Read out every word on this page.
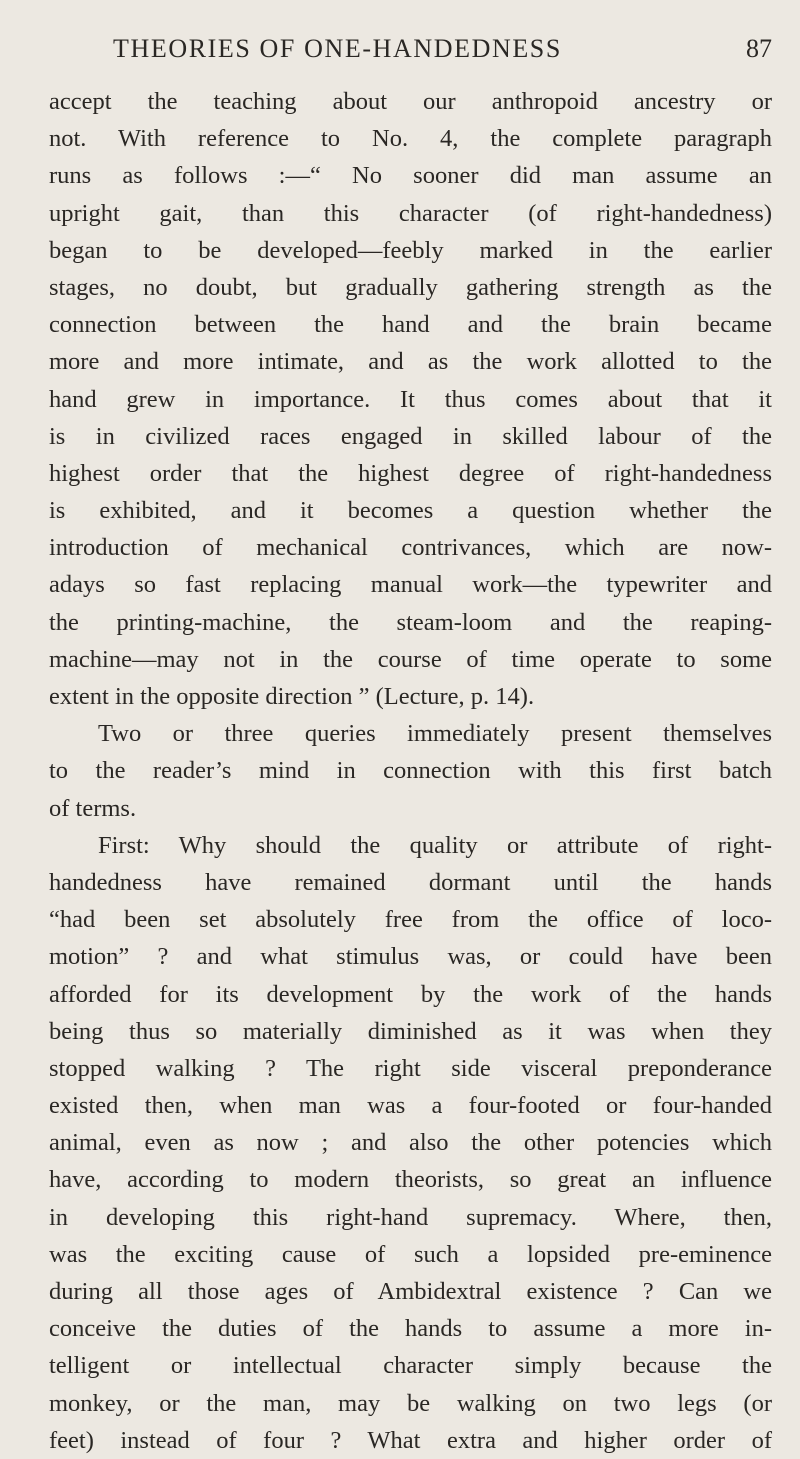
THEORIES OF ONE-HANDEDNESS	87
accept the teaching about our anthropoid ancestry or
not. With reference to No. 4, the complete paragraph
runs as follows :—“ No sooner did man assume an
upright gait, than this character (of right-handedness)
began to be developed—feebly marked in the earlier
stages, no doubt, but gradually gathering strength as the
connection between the hand and the brain became
more and more intimate, and as the work allotted to the
hand grew in importance. It thus comes about that it
is in civilized races engaged in skilled labour of the
highest order that the highest degree of right-handedness
is exhibited, and it becomes a question whether the
introduction of mechanical contrivances, which are now-
adays so fast replacing manual work—the typewriter and
the printing-machine, the steam-loom and the reaping-
machine—may not in the course of time operate to some
extent in the opposite direction ” (Lecture, p. 14).
Two or three queries immediately present themselves
to the reader’s mind in connection with this first batch
of terms.
First: Why should the quality or attribute of right-
handedness have remained dormant until the hands
“had been set absolutely free from the office of loco-
motion” ? and what stimulus was, or could have been
afforded for its development by the work of the hands
being thus so materially diminished as it was when they
stopped walking ? The right side visceral preponderance
existed then, when man was a four-footed or four-handed
animal, even as now ; and also the other potencies which
have, according to modern theorists, so great an influence
in developing this right-hand supremacy. Where, then,
was the exciting cause of such a lopsided pre-eminence
during all those ages of Ambidextral existence ? Can we
conceive the duties of the hands to assume a more in-
telligent or intellectual character simply because the
monkey, or the man, may be walking on two legs (or
feet) instead of four ? What extra and higher order of
